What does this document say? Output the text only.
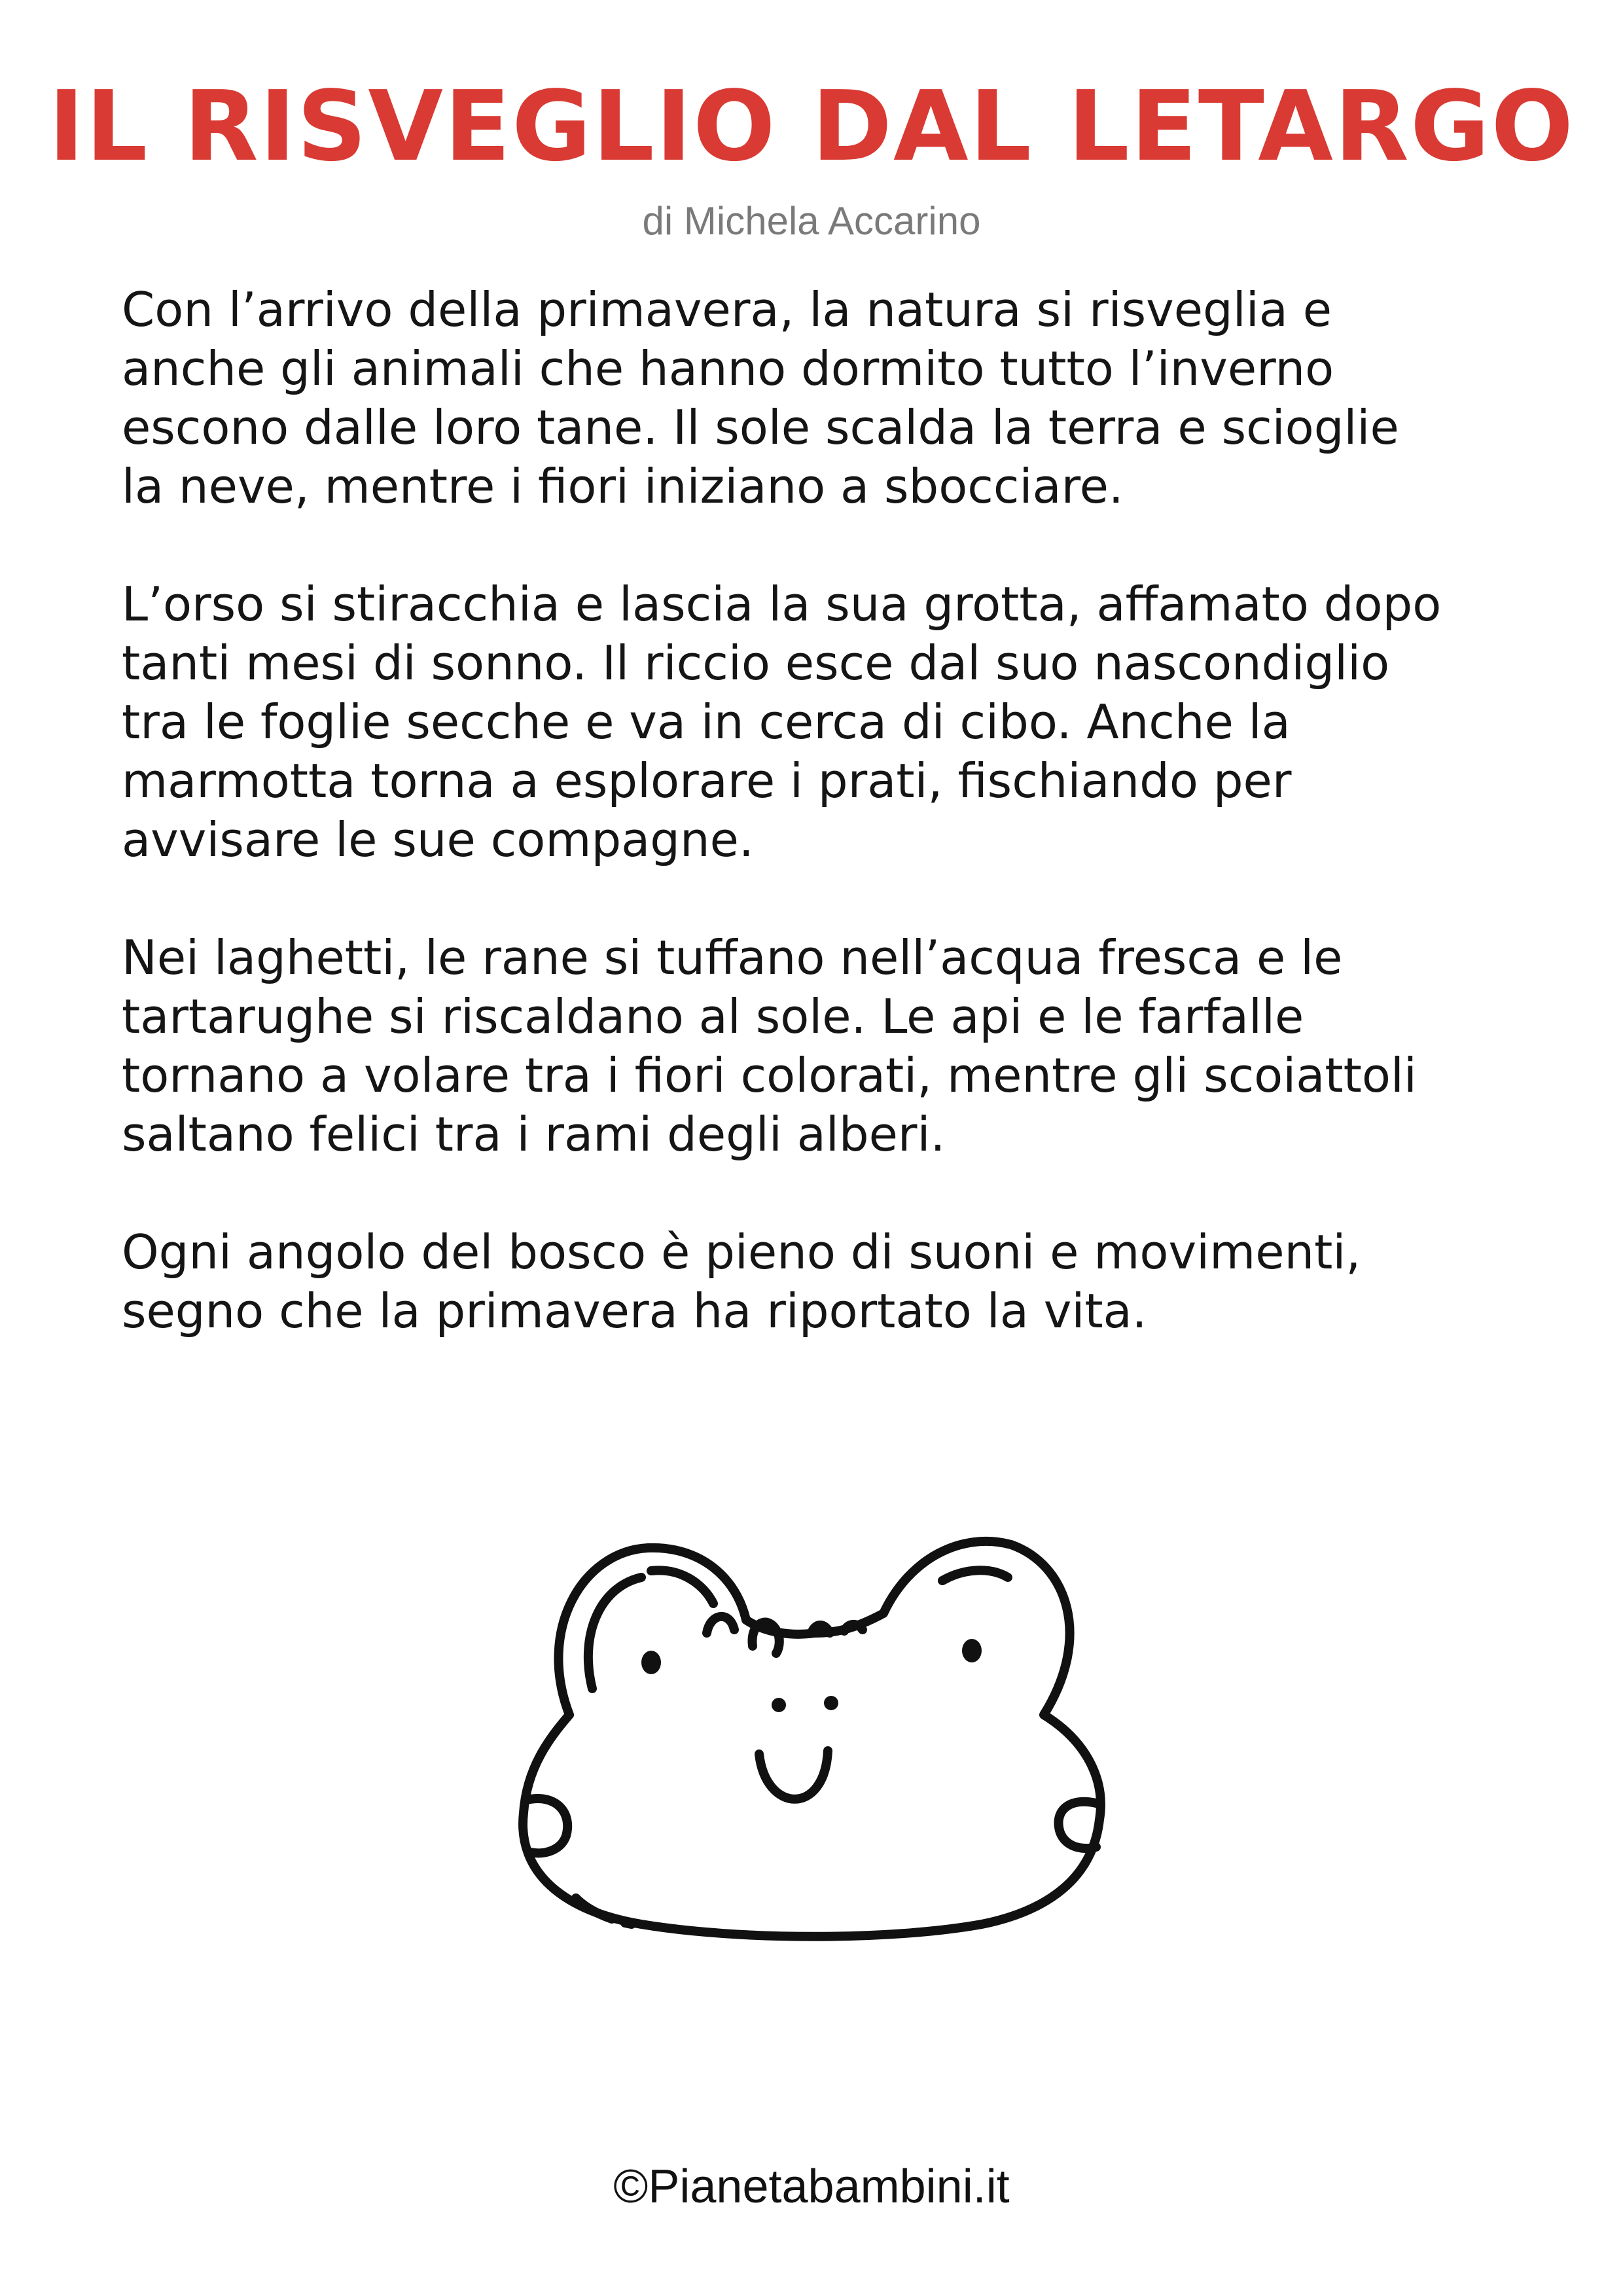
IL RISVEGLIO DAL LETARGO
di Michela Accarino

Con l’arrivo della primavera, la natura si risveglia e
anche gli animali che hanno dormito tutto l’inverno
escono dalle loro tane. Il sole scalda la terra e scioglie
la neve, mentre i fiori iniziano a sbocciare.

L’orso si stiracchia e lascia la sua grotta, affamato dopo
tanti mesi di sonno. Il riccio esce dal suo nascondiglio
tra le foglie secche e va in cerca di cibo. Anche la
marmotta torna a esplorare i prati, fischiando per
avvisare le sue compagne.

Nei laghetti, le rane si tuffano nell’acqua fresca e le
tartarughe si riscaldano al sole. Le api e le farfalle
tornano a volare tra i fiori colorati, mentre gli scoiattoli
saltano felici tra i rami degli alberi.

Ogni angolo del bosco è pieno di suoni e movimenti,
segno che la primavera ha riportato la vita.

©Pianetabambini.it
